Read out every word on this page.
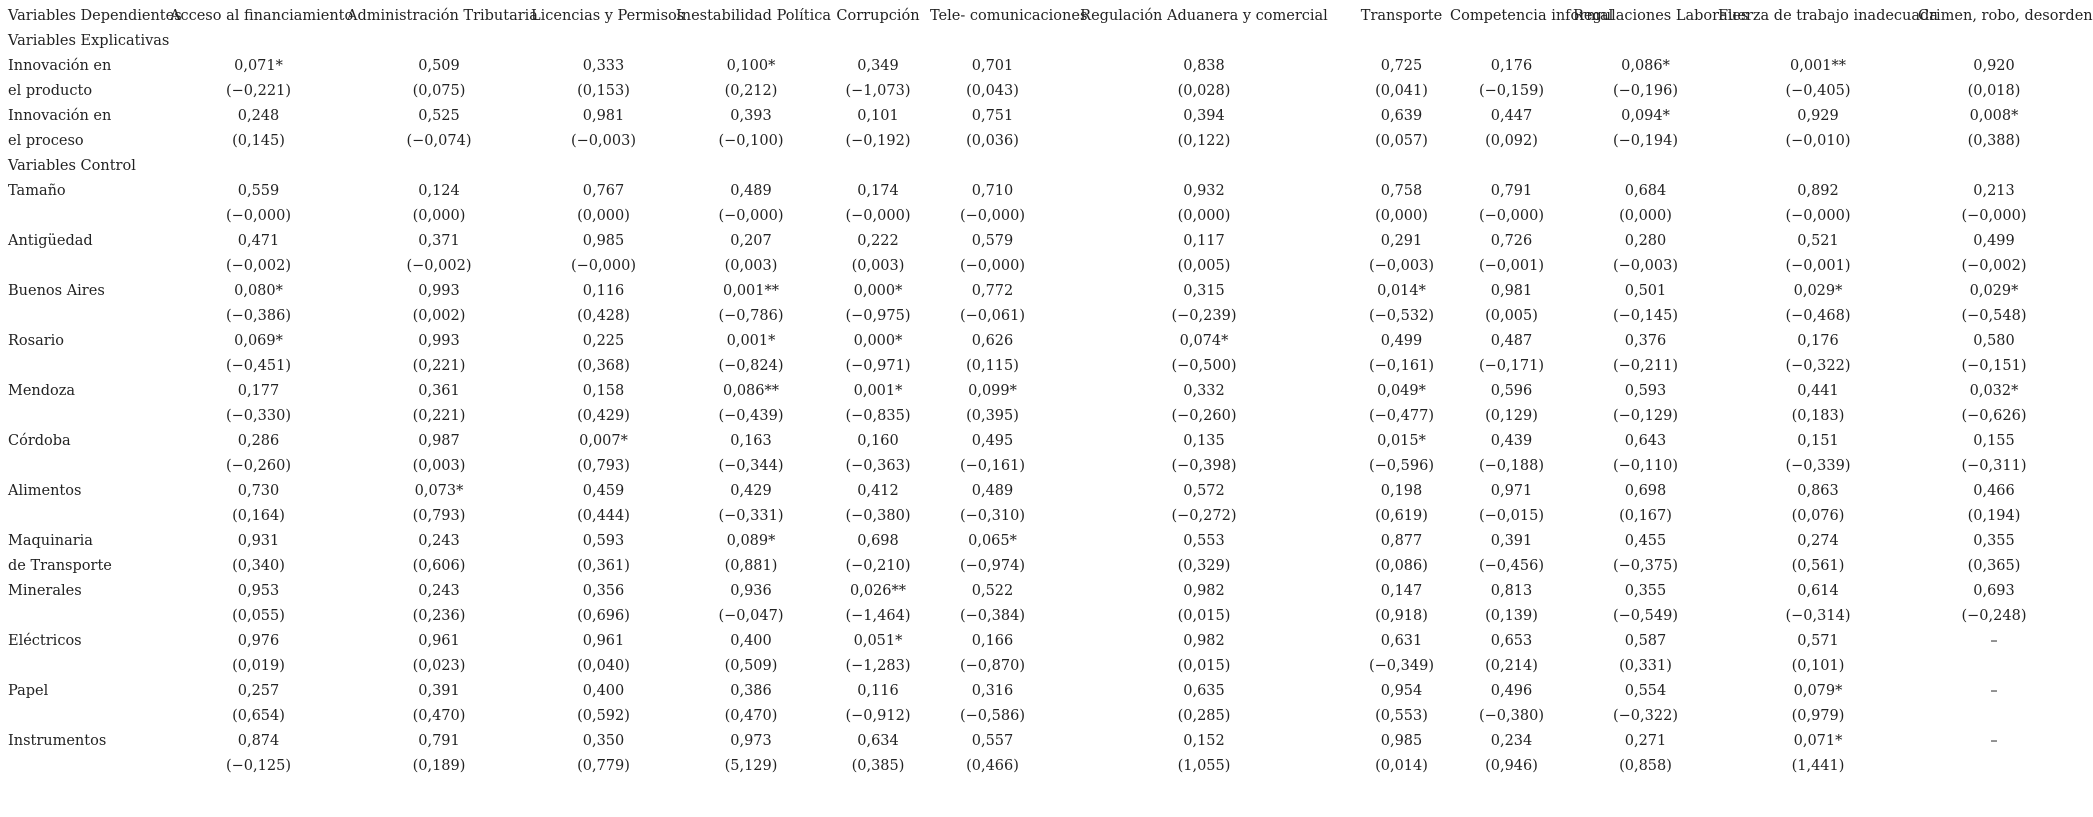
Variables Dependientes	Acceso al financiamiento	Administración Tributaria	Licencias y Permisos	Inestabilidad Política	Corrupción	Tele- comunicaciones	Regulación Aduanera y comercial	Transporte	Competencia informal	Regulaciones Laborales	Fuerza de trabajo inadecuada	Crimen, robo, desorden
Variables Explicativas												
Innovación en	0,071*	0,509	0,333	0,100*	0,349	0,701	0,838	0,725	0,176	0,086*	0,001**	0,920
el producto	(−0,221)	(0,075)	(0,153)	(0,212)	(−1,073)	(0,043)	(0,028)	(0,041)	(−0,159)	(−0,196)	(−0,405)	(0,018)
Innovación en	0,248	0,525	0,981	0,393	0,101	0,751	0,394	0,639	0,447	0,094*	0,929	0,008*
el proceso	(0,145)	(−0,074)	(−0,003)	(−0,100)	(−0,192)	(0,036)	(0,122)	(0,057)	(0,092)	(−0,194)	(−0,010)	(0,388)
Variables Control												
Tamaño	0,559	0,124	0,767	0,489	0,174	0,710	0,932	0,758	0,791	0,684	0,892	0,213
	(−0,000)	(0,000)	(0,000)	(−0,000)	(−0,000)	(−0,000)	(0,000)	(0,000)	(−0,000)	(0,000)	(−0,000)	(−0,000)
Antigüedad	0,471	0,371	0,985	0,207	0,222	0,579	0,117	0,291	0,726	0,280	0,521	0,499
	(−0,002)	(−0,002)	(−0,000)	(0,003)	(0,003)	(−0,000)	(0,005)	(−0,003)	(−0,001)	(−0,003)	(−0,001)	(−0,002)
Buenos Aires	0,080*	0,993	0,116	0,001**	0,000*	0,772	0,315	0,014*	0,981	0,501	0,029*	0,029*
	(−0,386)	(0,002)	(0,428)	(−0,786)	(−0,975)	(−0,061)	(−0,239)	(−0,532)	(0,005)	(−0,145)	(−0,468)	(−0,548)
Rosario	0,069*	0,993	0,225	0,001*	0,000*	0,626	0,074*	0,499	0,487	0,376	0,176	0,580
	(−0,451)	(0,221)	(0,368)	(−0,824)	(−0,971)	(0,115)	(−0,500)	(−0,161)	(−0,171)	(−0,211)	(−0,322)	(−0,151)
Mendoza	0,177	0,361	0,158	0,086**	0,001*	0,099*	0,332	0,049*	0,596	0,593	0,441	0,032*
	(−0,330)	(0,221)	(0,429)	(−0,439)	(−0,835)	(0,395)	(−0,260)	(−0,477)	(0,129)	(−0,129)	(0,183)	(−0,626)
Córdoba	0,286	0,987	0,007*	0,163	0,160	0,495	0,135	0,015*	0,439	0,643	0,151	0,155
	(−0,260)	(0,003)	(0,793)	(−0,344)	(−0,363)	(−0,161)	(−0,398)	(−0,596)	(−0,188)	(−0,110)	(−0,339)	(−0,311)
Alimentos	0,730	0,073*	0,459	0,429	0,412	0,489	0,572	0,198	0,971	0,698	0,863	0,466
	(0,164)	(0,793)	(0,444)	(−0,331)	(−0,380)	(−0,310)	(−0,272)	(0,619)	(−0,015)	(0,167)	(0,076)	(0,194)
Maquinaria	0,931	0,243	0,593	0,089*	0,698	0,065*	0,553	0,877	0,391	0,455	0,274	0,355
de Transporte	(0,340)	(0,606)	(0,361)	(0,881)	(−0,210)	(−0,974)	(0,329)	(0,086)	(−0,456)	(−0,375)	(0,561)	(0,365)
Minerales	0,953	0,243	0,356	0,936	0,026**	0,522	0,982	0,147	0,813	0,355	0,614	0,693
	(0,055)	(0,236)	(0,696)	(−0,047)	(−1,464)	(−0,384)	(0,015)	(0,918)	(0,139)	(−0,549)	(−0,314)	(−0,248)
Eléctricos	0,976	0,961	0,961	0,400	0,051*	0,166	0,982	0,631	0,653	0,587	0,571	–
	(0,019)	(0,023)	(0,040)	(0,509)	(−1,283)	(−0,870)	(0,015)	(−0,349)	(0,214)	(0,331)	(0,101)	
Papel	0,257	0,391	0,400	0,386	0,116	0,316	0,635	0,954	0,496	0,554	0,079*	–
	(0,654)	(0,470)	(0,592)	(0,470)	(−0,912)	(−0,586)	(0,285)	(0,553)	(−0,380)	(−0,322)	(0,979)	
Instrumentos	0,874	0,791	0,350	0,973	0,634	0,557	0,152	0,985	0,234	0,271	0,071*	–
	(−0,125)	(0,189)	(0,779)	(5,129)	(0,385)	(0,466)	(1,055)	(0,014)	(0,946)	(0,858)	(1,441)	
